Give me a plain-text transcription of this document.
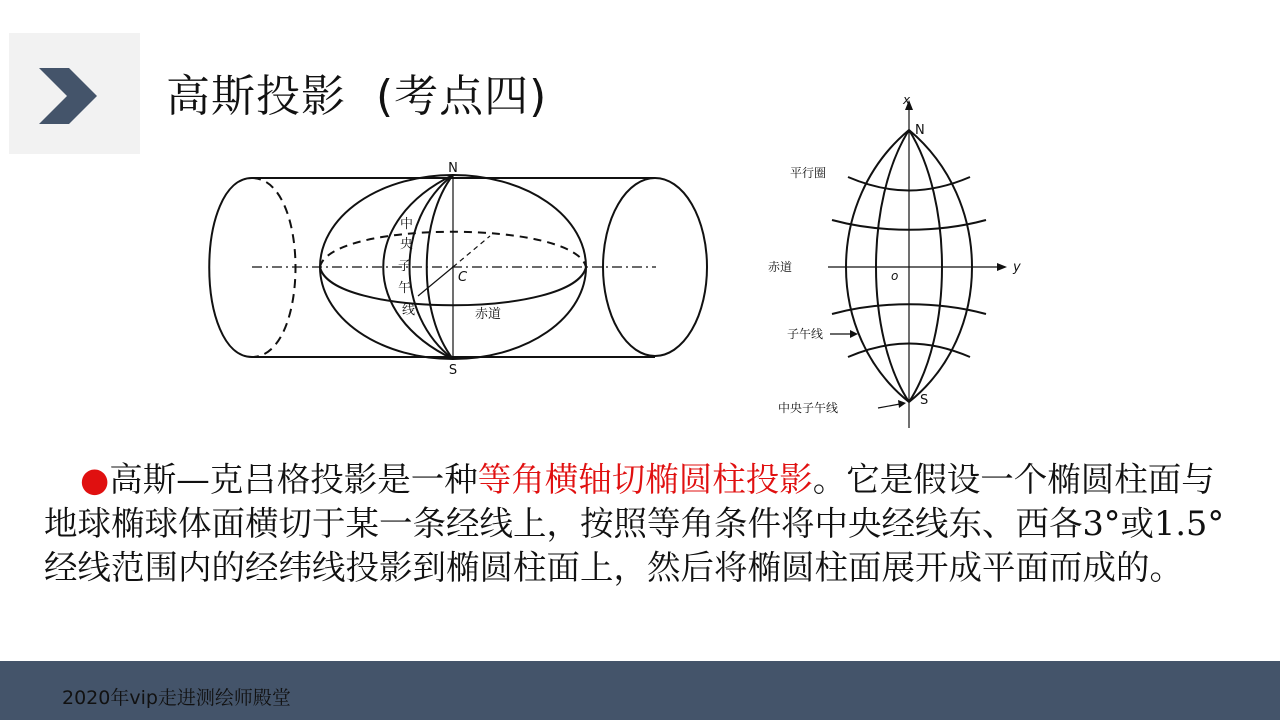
高斯投影  (考点四)
N
S
C
中
央
子
午
线	赤道
x
y
N
S
o
平行圈
赤道
子午线
中央子午线
●高斯—克吕格投影是一种等角横轴切椭圆柱投影。它是假设一个椭圆柱面与地球椭球体面横切于某一条经线上，按照等角条件将中央经线东、西各3°或1.5°经线范围内的经纬线投影到椭圆柱面上，然后将椭圆柱面展开成平面而成的。
2020年vip走进测绘师殿堂
